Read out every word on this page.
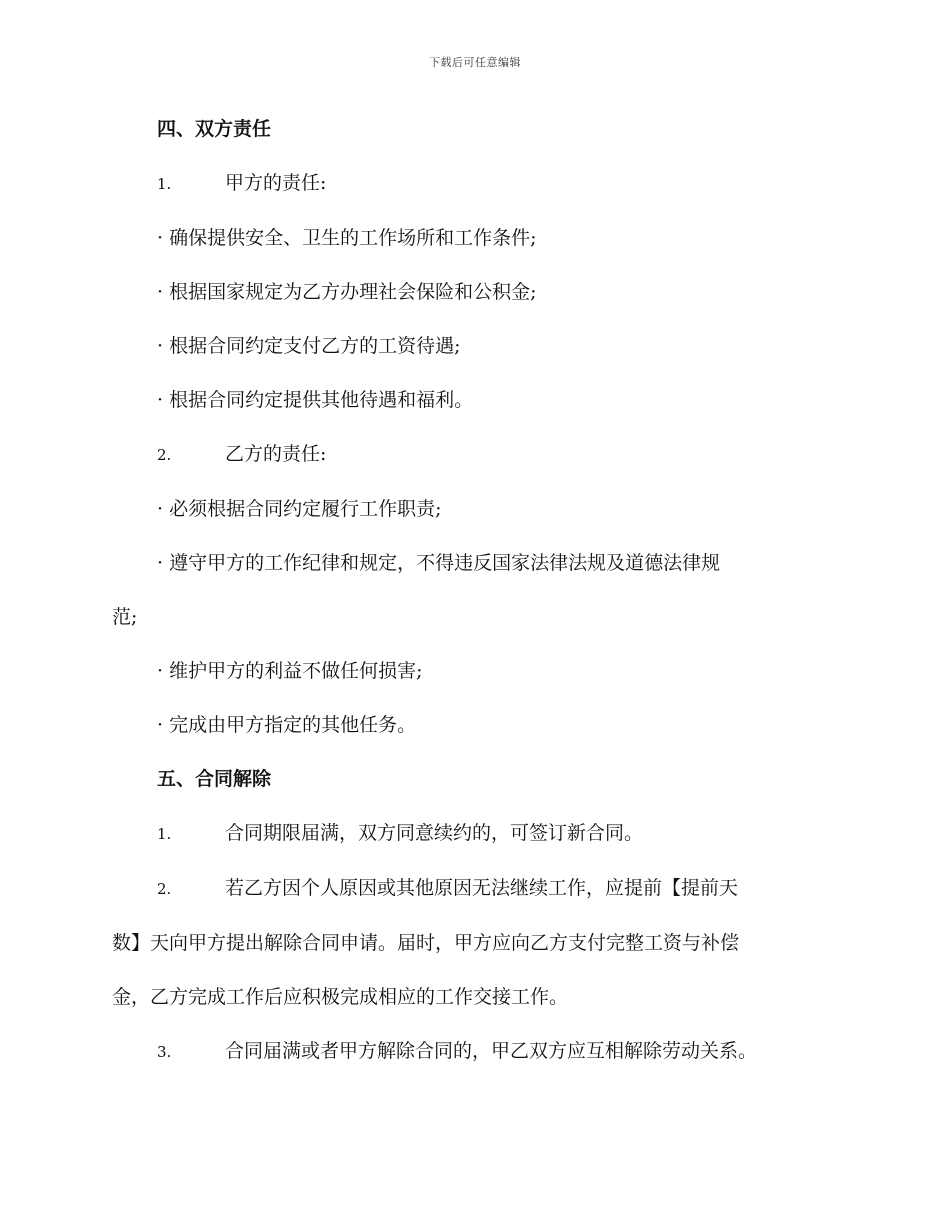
下载后可任意编辑

四、双方责任

1.	甲方的责任:

· 确保提供安全、卫生的工作场所和工作条件;

· 根据国家规定为乙方办理社会保险和公积金;

· 根据合同约定支付乙方的工资待遇;

· 根据合同约定提供其他待遇和福利。

2.	乙方的责任:

· 必须根据合同约定履行工作职责;

· 遵守甲方的工作纪律和规定，不得违反国家法律法规及道德法律规

范;

· 维护甲方的利益不做任何损害;

· 完成由甲方指定的其他任务。

五、合同解除

1.	合同期限届满，双方同意续约的，可签订新合同。

2.	若乙方因个人原因或其他原因无法继续工作，应提前【提前天

数】天向甲方提出解除合同申请。届时，甲方应向乙方支付完整工资与补偿

金，乙方完成工作后应积极完成相应的工作交接工作。

3.	合同届满或者甲方解除合同的，甲乙双方应互相解除劳动关系。
